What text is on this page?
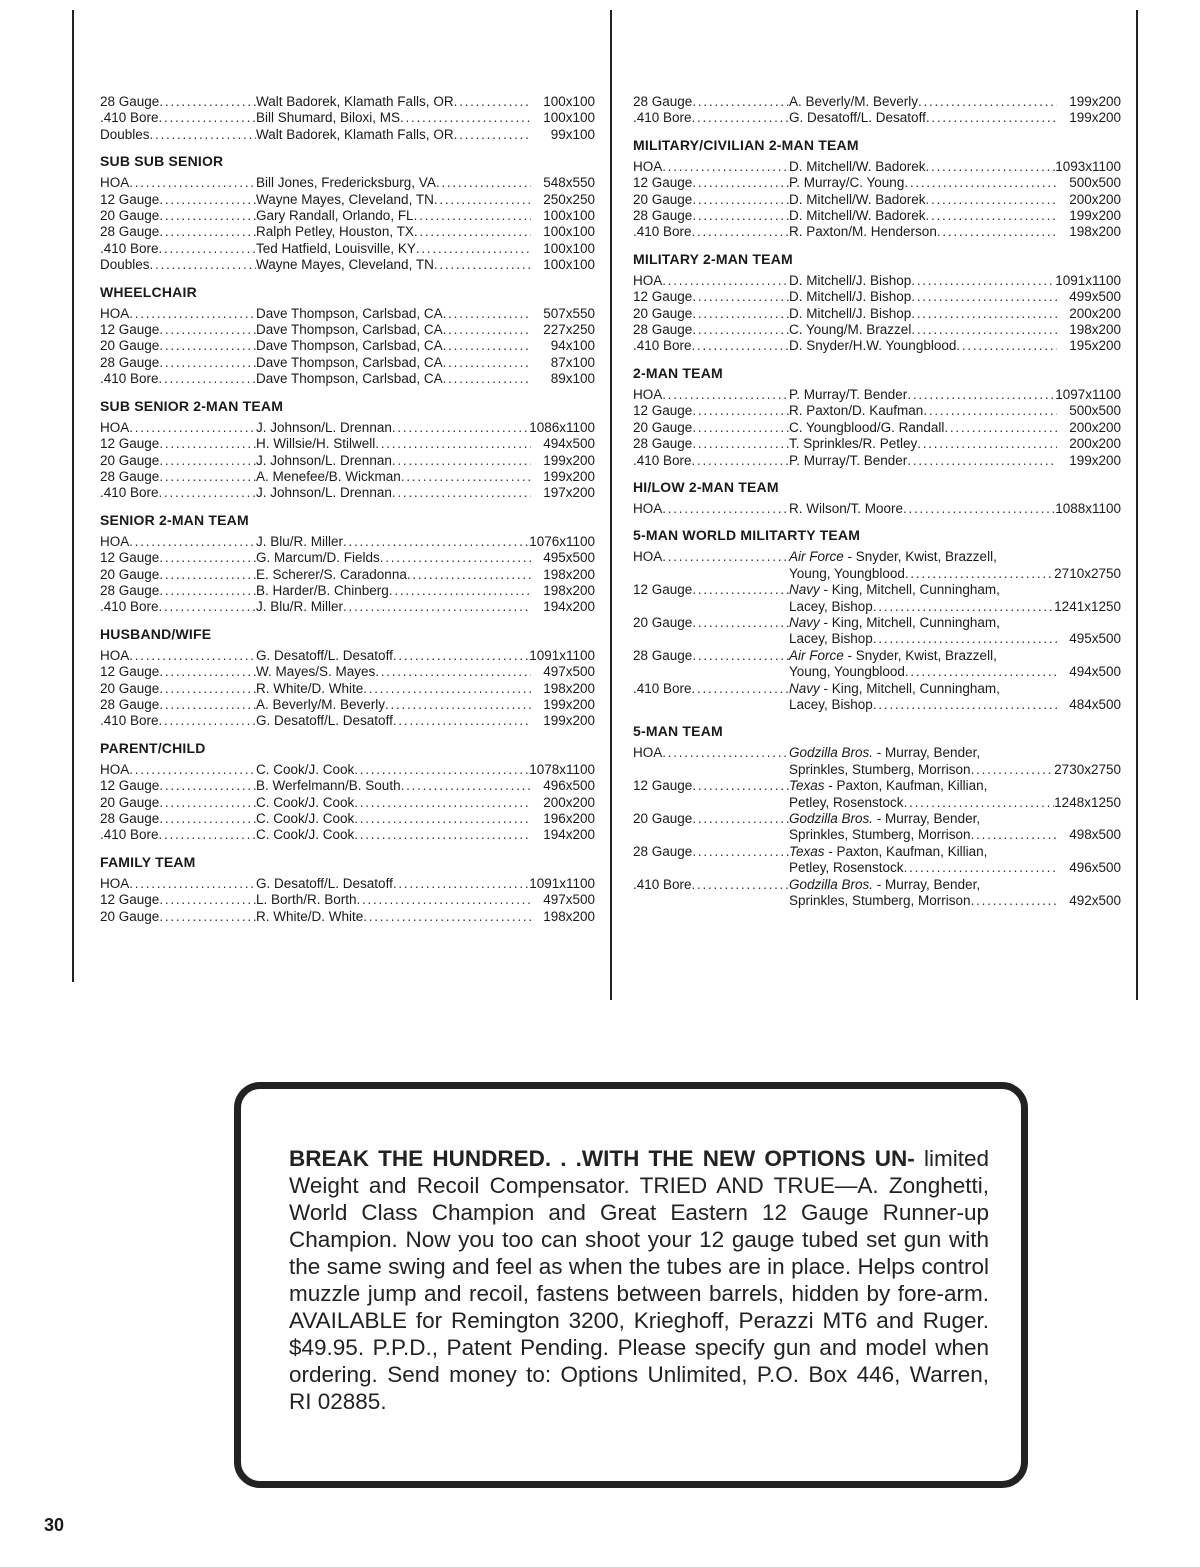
28 Gauge . . .	Walt Badorek, Klamath Falls, OR . . .	100x100
.410 Bore . . .	Bill Shumard, Biloxi, MS . . .	100x100
Doubles . . .	Walt Badorek, Klamath Falls, OR . . .	99x100
SUB SUB SENIOR
HOA . . .	Bill Jones, Fredericksburg, VA . . .	548x550
12 Gauge . . .	Wayne Mayes, Cleveland, TN . . .	250x250
20 Gauge . . .	Gary Randall, Orlando, FL . . .	100x100
28 Gauge . . .	Ralph Petley, Houston, TX . . .	100x100
.410 Bore . . .	Ted Hatfield, Louisville, KY . . .	100x100
Doubles . . .	Wayne Mayes, Cleveland, TN . . .	100x100
WHEELCHAIR
HOA . . .	Dave Thompson, Carlsbad, CA . . .	507x550
12 Gauge . . .	Dave Thompson, Carlsbad, CA . . .	227x250
20 Gauge . . .	Dave Thompson, Carlsbad, CA . . .	94x100
28 Gauge . . .	Dave Thompson, Carlsbad, CA . . .	87x100
.410 Bore . . .	Dave Thompson, Carlsbad, CA . . .	89x100
SUB SENIOR 2-MAN TEAM
HOA . . .	J. Johnson/L. Drennan . . .	1086x1100
12 Gauge . . .	H. Willsie/H. Stilwell . . .	494x500
20 Gauge . . .	J. Johnson/L. Drennan . . .	199x200
28 Gauge . . .	A. Menefee/B. Wickman . . .	199x200
.410 Bore . . .	J. Johnson/L. Drennan . . .	197x200
SENIOR 2-MAN TEAM
HOA . . .	J. Blu/R. Miller . . .	1076x1100
12 Gauge . . .	G. Marcum/D. Fields . . .	495x500
20 Gauge . . .	E. Scherer/S. Caradonna . . .	198x200
28 Gauge . . .	B. Harder/B. Chinberg . . .	198x200
.410 Bore . . .	J. Blu/R. Miller . . .	194x200
HUSBAND/WIFE
HOA . . .	G. Desatoff/L. Desatoff . . .	1091x1100
12 Gauge . . .	W. Mayes/S. Mayes . . .	497x500
20 Gauge . . .	R. White/D. White . . .	198x200
28 Gauge . . .	A. Beverly/M. Beverly . . .	199x200
.410 Bore . . .	G. Desatoff/L. Desatoff . . .	199x200
PARENT/CHILD
HOA . . .	C. Cook/J. Cook . . .	1078x1100
12 Gauge . . .	B. Werfelmann/B. South . . .	496x500
20 Gauge . . .	C. Cook/J. Cook . . .	200x200
28 Gauge . . .	C. Cook/J. Cook . . .	196x200
.410 Bore . . .	C. Cook/J. Cook . . .	194x200
FAMILY TEAM
HOA . . .	G. Desatoff/L. Desatoff . . .	1091x1100
12 Gauge . . .	L. Borth/R. Borth . . .	497x500
20 Gauge . . .	R. White/D. White . . .	198x200
28 Gauge . . .	A. Beverly/M. Beverly . . .	199x200
.410 Bore . . .	G. Desatoff/L. Desatoff . . .	199x200
MILITARY/CIVILIAN 2-MAN TEAM
HOA . . .	D. Mitchell/W. Badorek . . .	1093x1100
12 Gauge . . .	P. Murray/C. Young . . .	500x500
20 Gauge . . .	D. Mitchell/W. Badorek . . .	200x200
28 Gauge . . .	D. Mitchell/W. Badorek . . .	199x200
.410 Bore . . .	R. Paxton/M. Henderson . . .	198x200
MILITARY 2-MAN TEAM
HOA . . .	D. Mitchell/J. Bishop . . .	1091x1100
12 Gauge . . .	D. Mitchell/J. Bishop . . .	499x500
20 Gauge . . .	D. Mitchell/J. Bishop . . .	200x200
28 Gauge . . .	C. Young/M. Brazzel . . .	198x200
.410 Bore . . .	D. Snyder/H.W. Youngblood . . .	195x200
2-MAN TEAM
HOA . . .	P. Murray/T. Bender . . .	1097x1100
12 Gauge . . .	R. Paxton/D. Kaufman . . .	500x500
20 Gauge . . .	C. Youngblood/G. Randall . . .	200x200
28 Gauge . . .	T. Sprinkles/R. Petley . . .	200x200
.410 Bore . . .	P. Murray/T. Bender . . .	199x200
HI/LOW 2-MAN TEAM
HOA . . .	R. Wilson/T. Moore . . .	1088x1100
5-MAN WORLD MILITARTY TEAM
HOA . . .	Air Force - Snyder, Kwist, Brazzell,
Young, Youngblood . . .	2710x2750
12 Gauge . . .	Navy - King, Mitchell, Cunningham,
Lacey, Bishop . . .	1241x1250
20 Gauge . . .	Navy - King, Mitchell, Cunningham,
Lacey, Bishop . . .	495x500
28 Gauge . . .	Air Force - Snyder, Kwist, Brazzell,
Young, Youngblood . . .	494x500
.410 Bore . . .	Navy - King, Mitchell, Cunningham,
Lacey, Bishop . . .	484x500
5-MAN TEAM
HOA . . .	Godzilla Bros. - Murray, Bender,
Sprinkles, Stumberg, Morrison . . .	2730x2750
12 Gauge . . .	Texas - Paxton, Kaufman, Killian,
Petley, Rosenstock . . .	1248x1250
20 Gauge . . .	Godzilla Bros. - Murray, Bender,
Sprinkles, Stumberg, Morrison . . .	498x500
28 Gauge . . .	Texas - Paxton, Kaufman, Killian,
Petley, Rosenstock . . .	496x500
.410 Bore . . .	Godzilla Bros. - Murray, Bender,
Sprinkles, Stumberg, Morrison . . .	492x500
BREAK THE HUNDRED. . .WITH THE NEW OPTIONS UN- limited Weight and Recoil Compensator. TRIED AND TRUE—A. Zonghetti, World Class Champion and Great Eastern 12 Gauge Runner-up Champion. Now you too can shoot your 12 gauge tubed set gun with the same swing and feel as when the tubes are in place. Helps control muzzle jump and recoil, fastens between barrels, hidden by fore-arm. AVAILABLE for Remington 3200, Krieghoff, Perazzi MT6 and Ruger. $49.95. P.P.D., Patent Pending. Please specify gun and model when ordering. Send money to: Options Unlimited, P.O. Box 446, Warren, RI 02885.
30
